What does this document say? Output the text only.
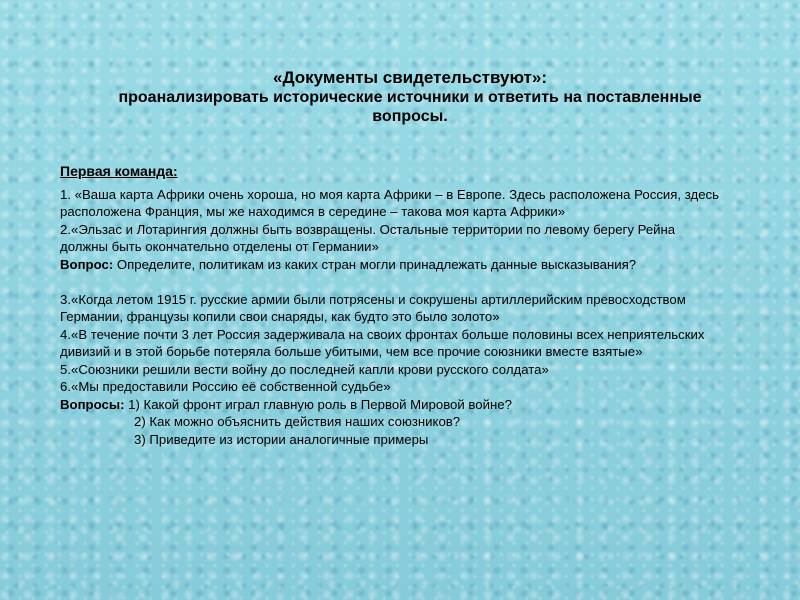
«Документы свидетельствуют»:

проанализировать исторические источники и ответить на поставленные вопросы.

Первая команда:

1. «Ваша карта Африки очень хороша, но моя карта Африки – в Европе. Здесь расположена Россия, здесь расположена Франция, мы же находимся в середине – такова моя карта Африки»

2.«Эльзас и Лотарингия должны быть возвращены. Остальные территории по левому берегу Рейна должны быть окончательно отделены от Германии»

Вопрос: Определите, политикам из каких стран могли принадлежать данные высказывания?

3.«Когда летом 1915 г. русские армии были потрясены и сокрушены артиллерийским превосходством Германии, французы копили свои снаряды, как будто это было золото»

4.«В течение почти 3 лет Россия задерживала на своих фронтах больше половины всех неприятельских дивизий и в этой борьбе потеряла больше убитыми, чем все прочие союзники вместе взятые»

5.«Союзники решили вести войну до последней капли крови русского солдата»

6.«Мы предоставили Россию её собственной судьбе»

Вопросы: 1) Какой фронт играл главную роль в Первой Мировой войне?

2) Как можно объяснить действия наших союзников?

3) Приведите из истории аналогичные примеры
